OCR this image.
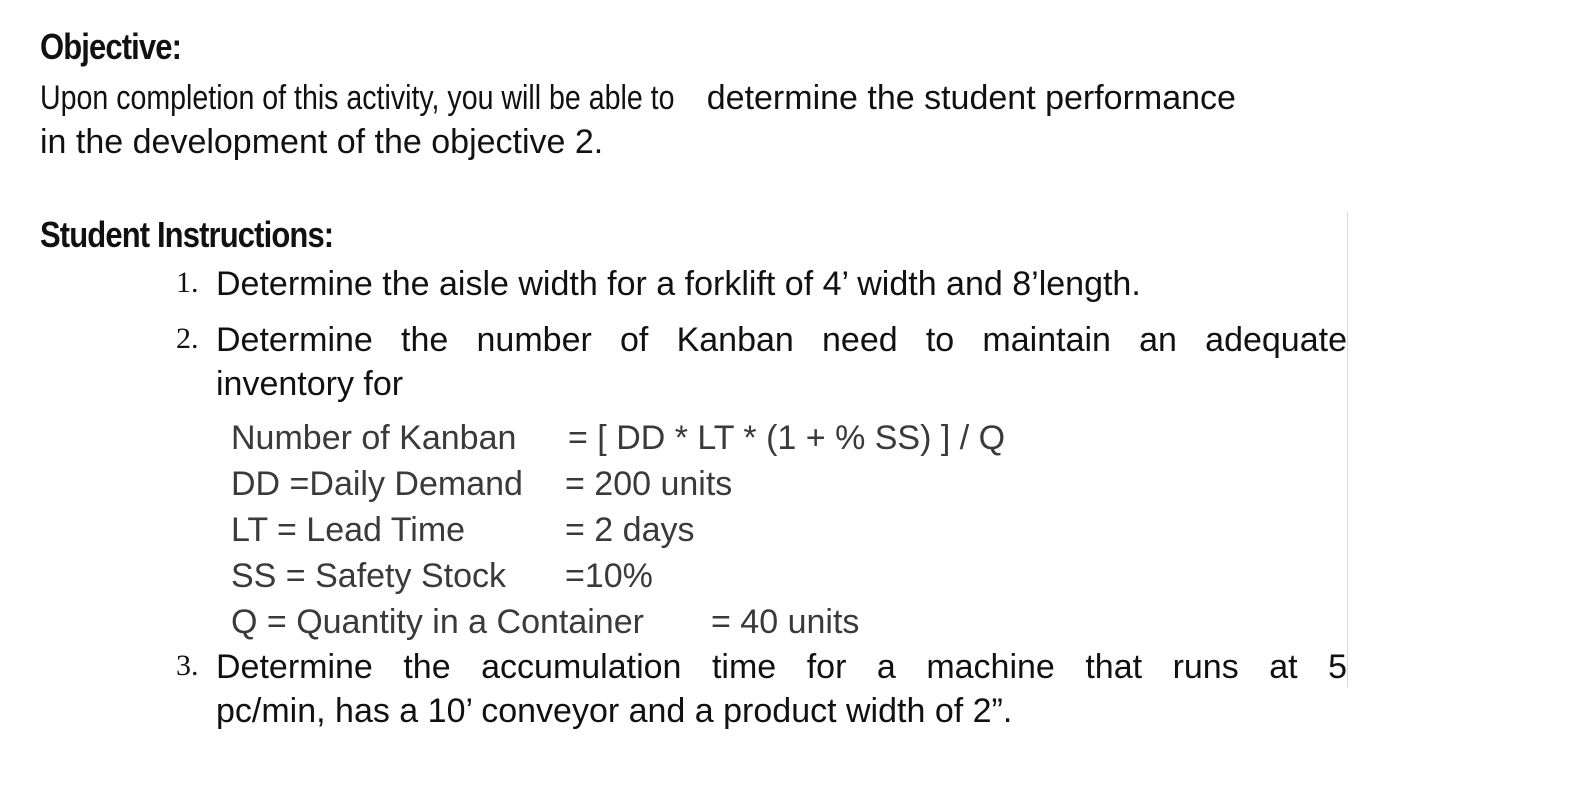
Objective:
Upon completion of this activity, you will be able to determine the student performance
in the development of the objective 2.
Student Instructions:
1. Determine the aisle width for a forklift of 4’ width and 8’length.
2. Determine the number of Kanban need to maintain an adequate
inventory for
Number of Kanban = [ DD * LT * (1 + % SS) ] / Q
DD =Daily Demand = 200 units
LT = Lead Time	= 2 days
SS = Safety Stock =10%
Q = Quantity in a Container = 40 units
3. Determine the accumulation time for a machine that runs at 5
pc/min, has a 10’ conveyor and a product width of 2”.
